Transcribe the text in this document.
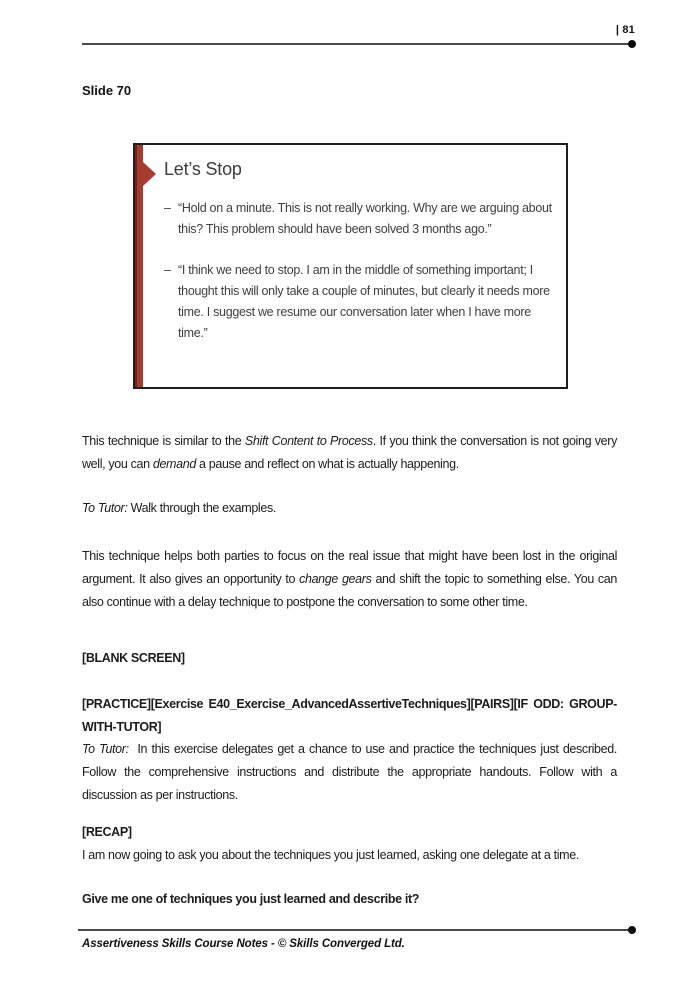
| 81
Slide 70
Let’s Stop
– “Hold on a minute. This is not really working. Why are we arguing about this? This problem should have been solved 3 months ago.”
– “I think we need to stop. I am in the middle of something important; I thought this will only take a couple of minutes, but clearly it needs more time. I suggest we resume our conversation later when I have more time.”
This technique is similar to the Shift Content to Process. If you think the conversation is not going very well, you can demand a pause and reflect on what is actually happening.
To Tutor: Walk through the examples.
This technique helps both parties to focus on the real issue that might have been lost in the original argument. It also gives an opportunity to change gears and shift the topic to something else. You can also continue with a delay technique to postpone the conversation to some other time.
[BLANK SCREEN]
[PRACTICE][Exercise E40_Exercise_AdvancedAssertiveTechniques][PAIRS][IF ODD: GROUP-WITH-TUTOR]
To Tutor:  In this exercise delegates get a chance to use and practice the techniques just described. Follow the comprehensive instructions and distribute the appropriate handouts. Follow with a discussion as per instructions.
[RECAP]
I am now going to ask you about the techniques you just learned, asking one delegate at a time.
Give me one of techniques you just learned and describe it?
Assertiveness Skills Course Notes - © Skills Converged Ltd.
